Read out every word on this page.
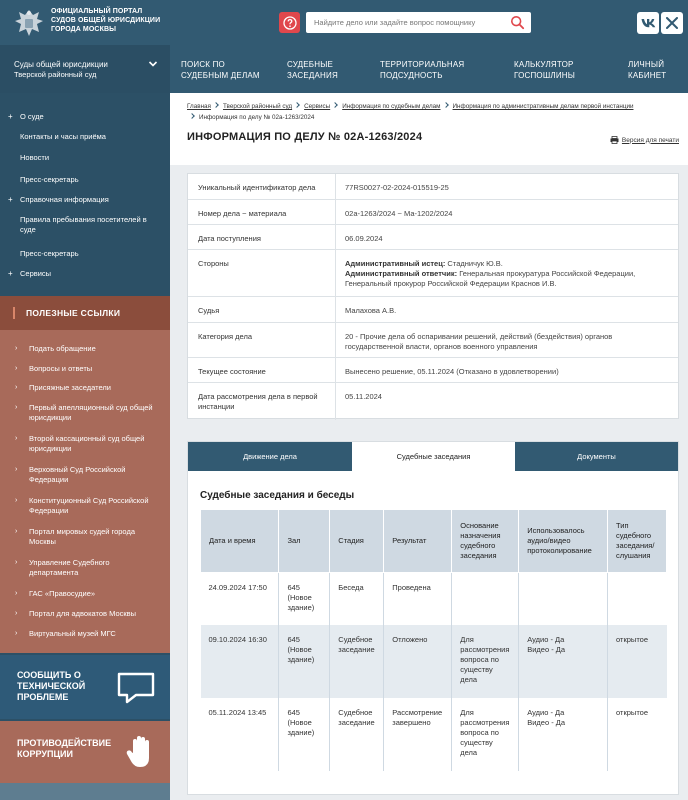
ОФИЦИАЛЬНЫЙ ПОРТАЛ
СУДОВ ОБЩЕЙ ЮРИСДИКЦИИ
ГОРОДА МОСКВЫ
Найдите дело или задайте вопрос помощнику
Суды общей юрисдикции
Тверской районный суд
ПОИСК ПО
СУДЕБНЫМ ДЕЛАМ
СУДЕБНЫЕ
ЗАСЕДАНИЯ
ТЕРРИТОРИАЛЬНАЯ
ПОДСУДНОСТЬ
КАЛЬКУЛЯТОР
ГОСПОШЛИНЫ
ЛИЧНЫЙ
КАБИНЕТ
+ О суде
Контакты и часы приёма
Новости
Пресс-секретарь
+ Справочная информация
Правила пребывания посетителей в суде
Пресс-секретарь
+ Сервисы
ПОЛЕЗНЫЕ ССЫЛКИ
› Подать обращение
› Вопросы и ответы
› Присяжные заседатели
› Первый апелляционный суд общей юрисдикции
› Второй кассационный суд общей юрисдикции
› Верховный Суд Российской Федерации
› Конституционный Суд Российской Федерации
› Портал мировых судей города Москвы
› Управление Судебного департамента
› ГАС «Правосудие»
› Портал для адвокатов Москвы
› Виртуальный музей МГС
СООБЩИТЬ О
ТЕХНИЧЕСКОЙ
ПРОБЛЕМЕ
ПРОТИВОДЕЙСТВИЕ
КОРРУПЦИИ
Главная Тверской районный суд Сервисы Информация по судебным делам Информация по административным делам первой инстанции
Информация по делу № 02а-1263/2024
ИНФОРМАЦИЯ ПО ДЕЛУ № 02А-1263/2024	Версия для печати
Уникальный идентификатор дела	77RS0027-02-2024-015519-25
Номер дела ~ материала	02а-1263/2024 ~ Ма-1202/2024
Дата поступления	06.09.2024
Стороны	Административный истец: Стадничук Ю.В.
Административный ответчик: Генеральная прокуратура Российской Федерации, Генеральный прокурор Российской Федерации Краснов И.В.
Судья	Малахова А.В.
Категория дела	20 - Прочие дела об оспаривании решений, действий (бездействия) органов государственной власти, органов военного управления
Текущее состояние	Вынесено решение, 05.11.2024 (Отказано в удовлетворении)
Дата рассмотрения дела в первой инстанции
05.11.2024
Движение дела	Судебные заседания	Документы
Судебные заседания и беседы
Дата и время	Зал	Стадия	Результат	Основание назначения судебного заседания	Использовалось аудио/видео протоколирование	Тип судебного заседания/ слушания
24.09.2024 17:50	645 (Новое здание)	Беседа	Проведена			
09.10.2024 16:30	645 (Новое здание)	Судебное заседание	Отложено	Для рассмотрения вопроса по существу дела	Аудио - Да
Видео - Да	открытое
05.11.2024 13:45	645 (Новое здание)	Судебное заседание	Рассмотрение завершено	Для рассмотрения вопроса по существу дела	Аудио - Да
Видео - Да	открытое
